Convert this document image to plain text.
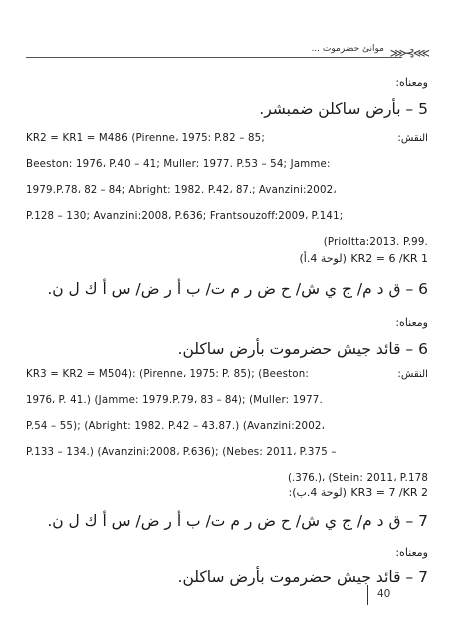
موانئ حضرموت ... ⋙⊰⋘
ومعناه:
5 – بأرض ساكلن ضمبشر.
KR2 = KR1 = M486 (Pirenne، 1975: P.82 – 85;	النقش:
Beeston: 1976، P.40 – 41; Muller: 1977. P.53 – 54; Jamme:
1979.P.78، 82 – 84; Abright: 1982. P.42، 87.; Avanzini:2002،
P.128 – 130; Avanzini:2008، P.636; Frantsouzoff:2009، P.141;
(Prioltta:2013. P.99.
KR2 = 6 /KR 1 (لوحة 4.أ)
6 – ق د م/ ج ي ش/ ح ض ر م ت/ ب أ ر ض/ س أ ك ل ن.
ومعناه:
6 – قائد جيش حضرموت بأرض ساكلن.
KR3 = KR2 = M504): (Pirenne، 1975: P. 85); (Beeston:	النقش:
1976، P. 41.) (Jamme: 1979.P.79، 83 – 84); (Muller: 1977.
P.54 – 55); (Abright: 1982. P.42 – 43.87.) (Avanzini:2002،
P.133 – 134.) (Avanzini:2008، P.636); (Nebes: 2011، P.375 –
(.376.)، (Stein: 2011، P.178
KR3 = 7 /KR 2 (لوحة 4.ب):
7 – ق د م/ ج ي ش/ ح ض ر م ت/ ب أ ر ض/ س أ ك ل ن.
ومعناه:
7 – قائد جيش حضرموت بأرض ساكلن.
40
